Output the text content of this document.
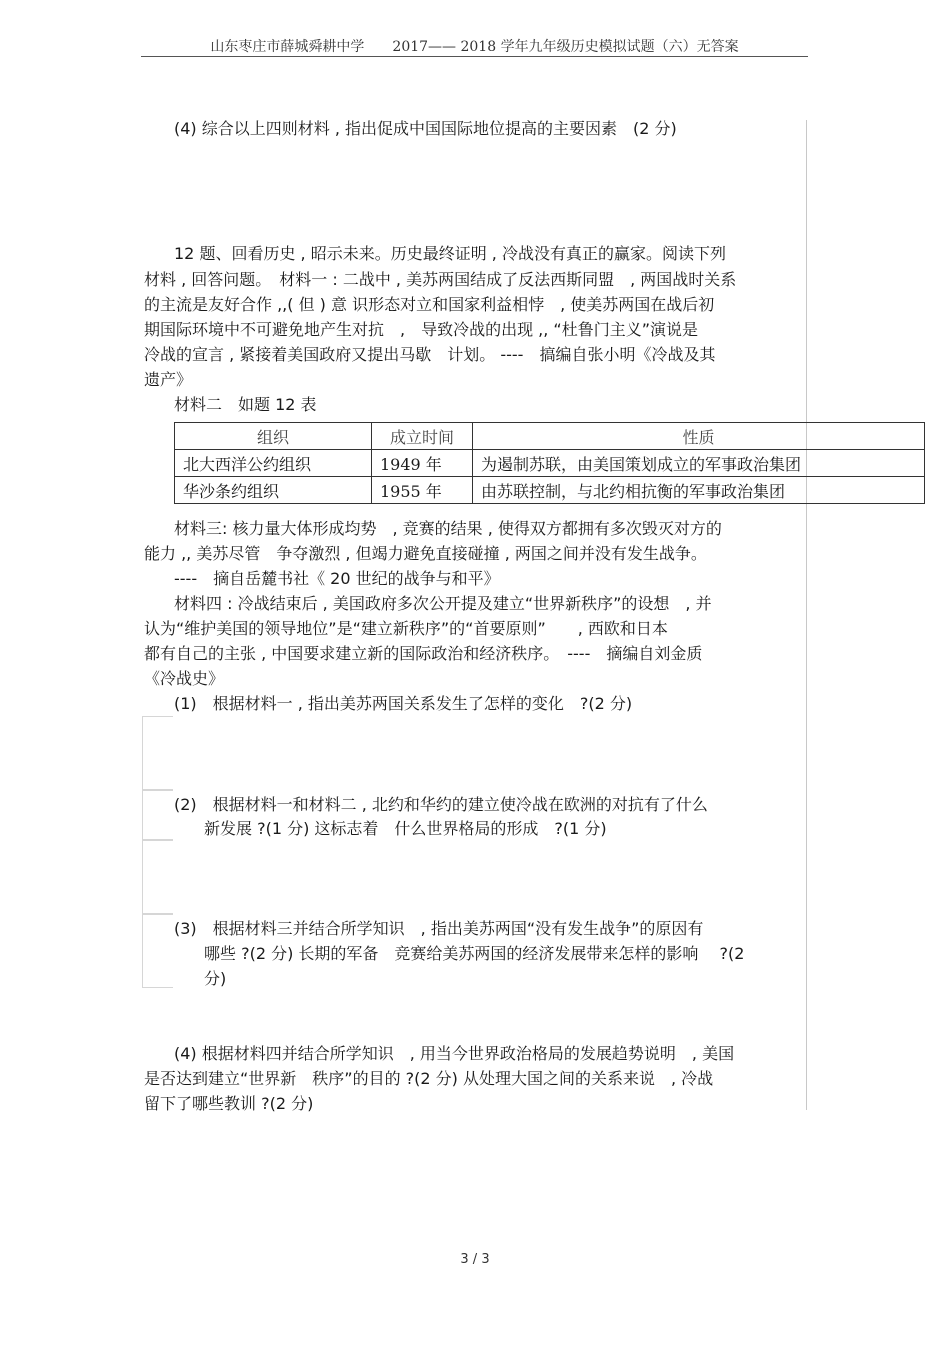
山东枣庄市薛城舜耕中学　　2017—— 2018 学年九年级历史模拟试题（六）无答案
(4) 综合以上四则材料 , 指出促成中国国际地位提高的主要因素　(2 分)
12 题、回看历史 , 昭示未来。历史最终证明 , 冷战没有真正的赢家。阅读下列
材料 , 回答问题。　材料一 : 二战中 , 美苏两国结成了反法西斯同盟　, 两国战时关系
的主流是友好合作 ,,( 但 ) 意 识形态对立和国家利益相悖　, 使美苏两国在战后初
期国际环境中不可避免地产生对抗　,　导致冷战的出现 ,, “杜鲁门主义”演说是
冷战的宣言 , 紧接着美国政府又提出马歇　计划。 ----　搞编自张小明《冷战及其
遗产》
材料二　如题 12 表
组织	成立时间	性质
北大西洋公约组织	1949 年	为遏制苏联，由美国策划成立的军事政治集团
华沙条约组织	1955 年	由苏联控制，与北约相抗衡的军事政治集团
材料三: 核力量大体形成均势　, 竞赛的结果 , 使得双方都拥有多次毁灭对方的
能力 ,, 美苏尽管　争夺激烈 , 但竭力避免直接碰撞 , 两国之间并没有发生战争。
----　摘自岳麓书社《 20 世纪的战争与和平》
材料四 : 冷战结束后 , 美国政府多次公开提及建立“世界新秩序”的设想　, 并
认为“维护美国的领导地位”是“建立新秩序”的“首要原则”　　, 西欧和日本
都有自己的主张 , 中国要求建立新的国际政治和经济秩序。　----　摘编自刘金质
《冷战史》
(1)　根据材料一 , 指出美苏两国关系发生了怎样的变化　?(2 分)
(2)　根据材料一和材料二 , 北约和华约的建立使冷战在欧洲的对抗有了什么
新发展 ?(1 分) 这标志着　什么世界格局的形成　?(1 分)
(3)　根据材料三并结合所学知识　, 指出美苏两国“没有发生战争”的原因有
哪些 ?(2 分) 长期的军备　竞赛给美苏两国的经济发展带来怎样的影响　 ?(2
分)
(4) 根据材料四并结合所学知识　, 用当今世界政治格局的发展趋势说明　, 美国
是否达到建立“世界新　秩序”的目的 ?(2 分) 从处理大国之间的关系来说　, 冷战
留下了哪些教训 ?(2 分)
3 / 3
